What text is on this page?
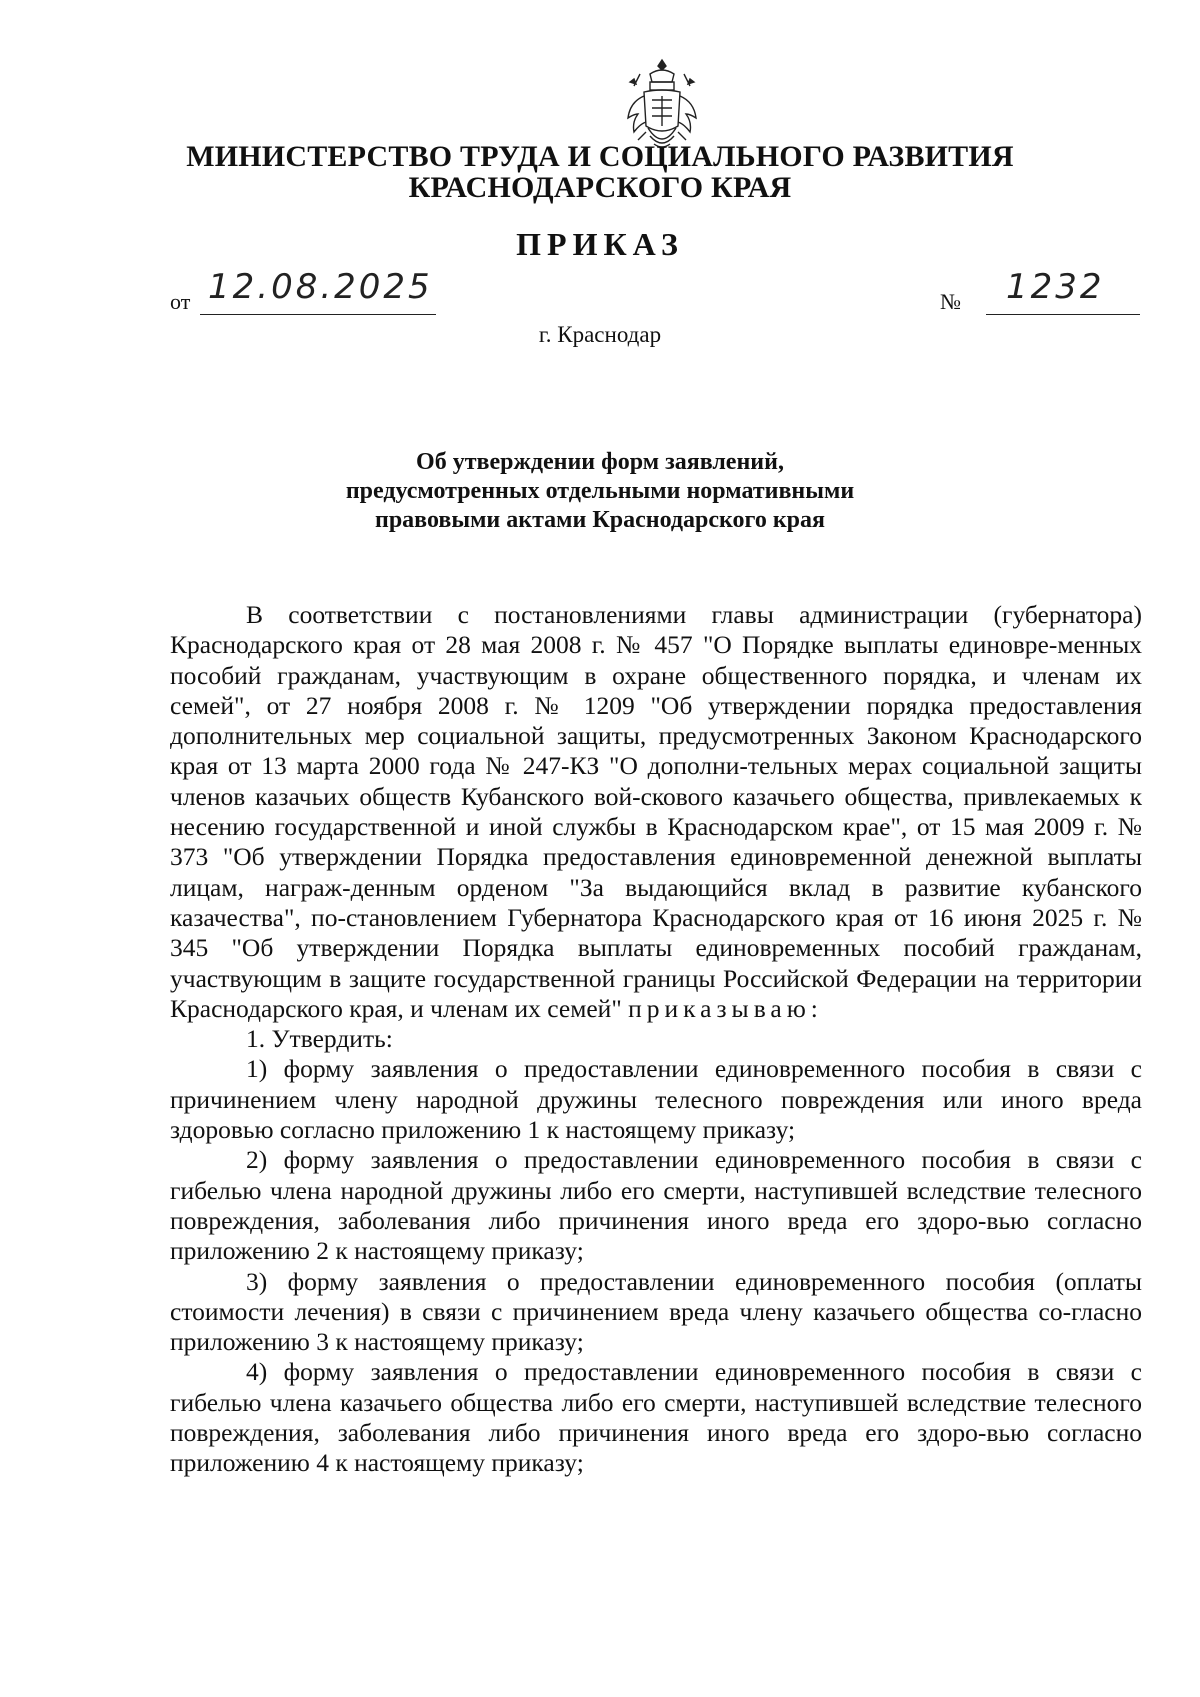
МИНИСТЕРСТВО ТРУДА И СОЦИАЛЬНОГО РАЗВИТИЯ
КРАСНОДАРСКОГО КРАЯ
ПРИКАЗ
от 12.08.2025	№ 1232
г. Краснодар
Об утверждении форм заявлений,
предусмотренных отдельными нормативными
правовыми актами Краснодарского края

В соответствии с постановлениями главы администрации (губернатора) Краснодарского края от 28 мая 2008 г. № 457 "О Порядке выплаты единовре-менных пособий гражданам, участвующим в охране общественного порядка, и членам их семей", от 27 ноября 2008 г. № 1209 "Об утверждении порядка предоставления дополнительных мер социальной защиты, предусмотренных Законом Краснодарского края от 13 марта 2000 года № 247-КЗ "О дополни-тельных мерах социальной защиты членов казачьих обществ Кубанского вой-скового казачьего общества, привлекаемых к несению государственной и иной службы в Краснодарском крае", от 15 мая 2009 г. № 373 "Об утверждении Порядка предоставления единовременной денежной выплаты лицам, награж-денным орденом "За выдающийся вклад в развитие кубанского казачества", по-становлением Губернатора Краснодарского края от 16 июня 2025 г. № 345 "Об утверждении Порядка выплаты единовременных пособий гражданам, участвующим в защите государственной границы Российской Федерации на территории Краснодарского края, и членам их семей" приказываю:

1. Утвердить:

1) форму заявления о предоставлении единовременного пособия в связи с причинением члену народной дружины телесного повреждения или иного вреда здоровью согласно приложению 1 к настоящему приказу;

2) форму заявления о предоставлении единовременного пособия в связи с гибелью члена народной дружины либо его смерти, наступившей вследствие телесного повреждения, заболевания либо причинения иного вреда его здоро-вью согласно приложению 2 к настоящему приказу;

3) форму заявления о предоставлении единовременного пособия (оплаты стоимости лечения) в связи с причинением вреда члену казачьего общества со-гласно приложению 3 к настоящему приказу;

4) форму заявления о предоставлении единовременного пособия в связи с гибелью члена казачьего общества либо его смерти, наступившей вследствие телесного повреждения, заболевания либо причинения иного вреда его здоро-вью согласно приложению 4 к настоящему приказу;
